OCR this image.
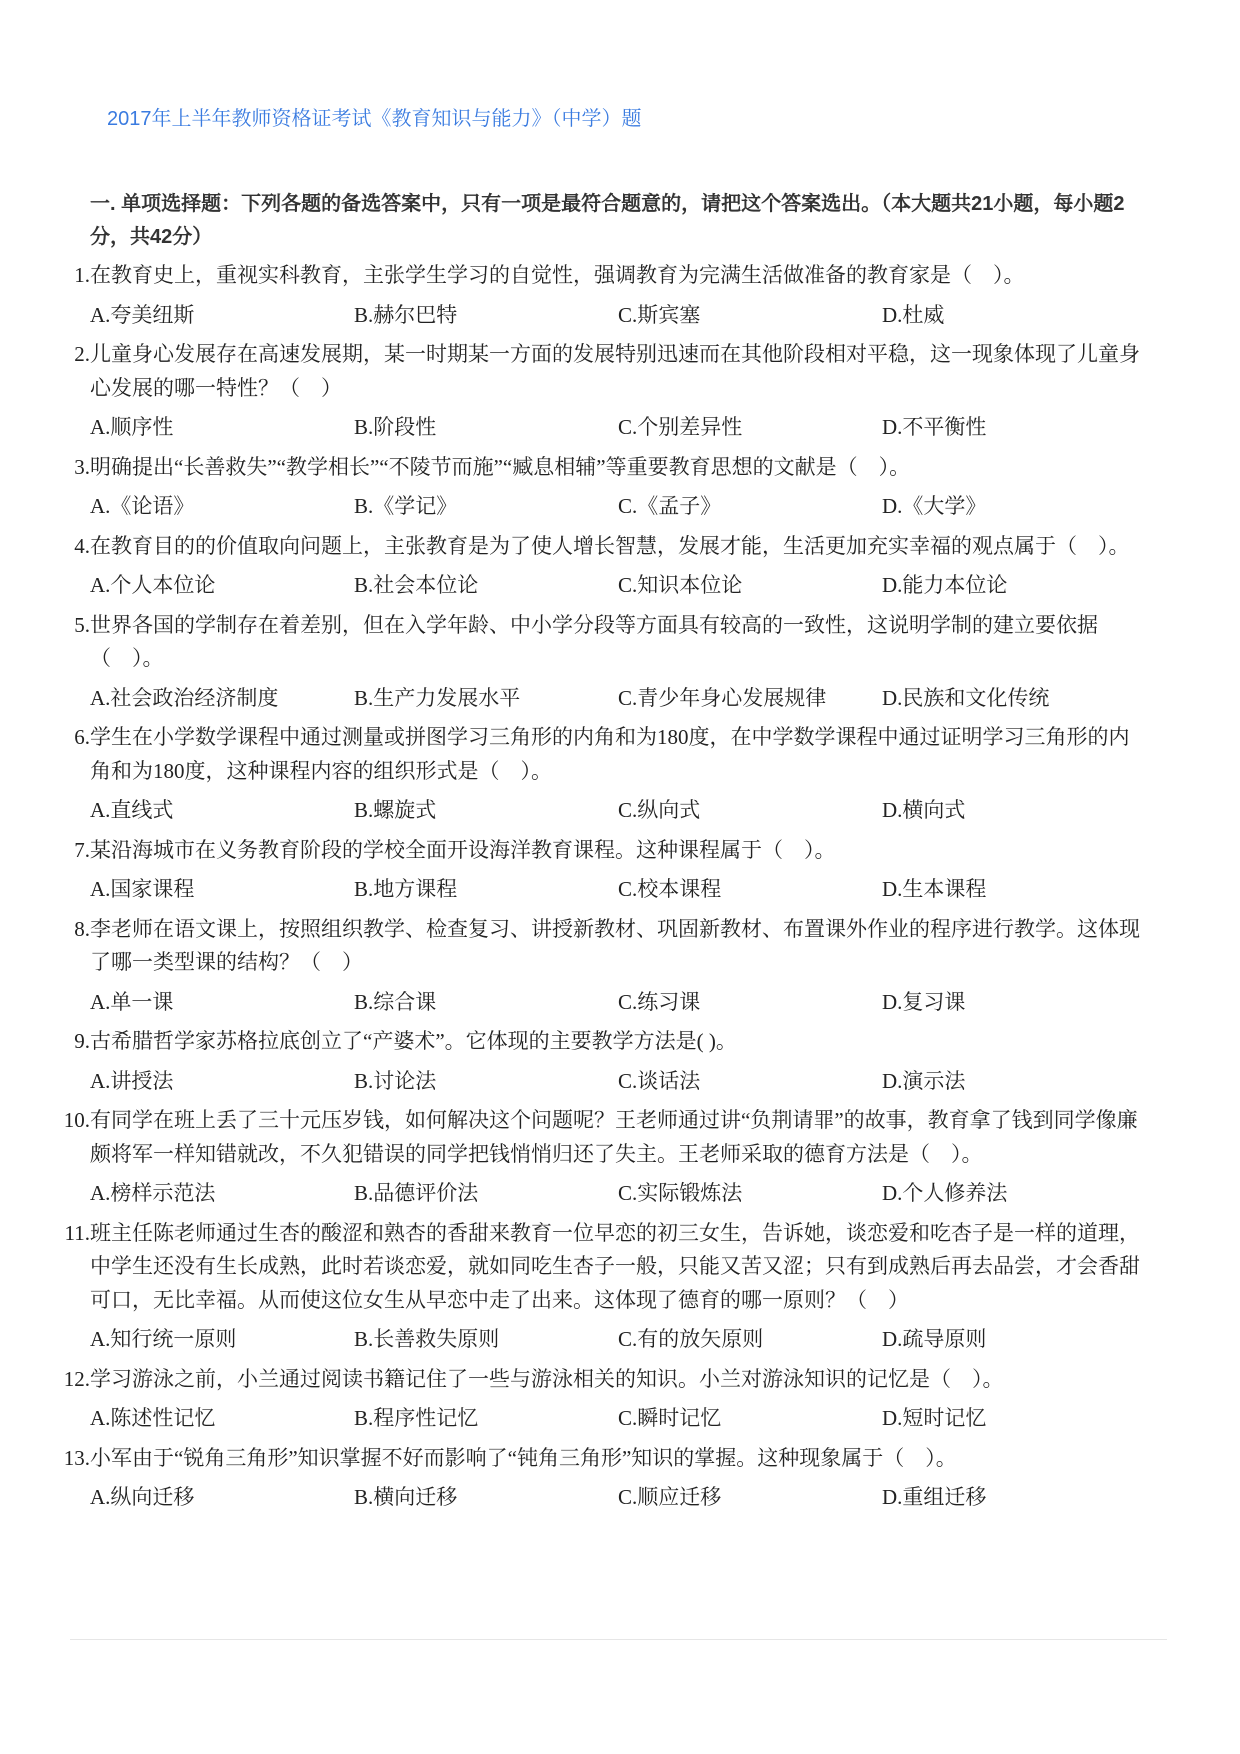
2017年上半年教师资格证考试《教育知识与能力》（中学）题
一. 单项选择题：下列各题的备选答案中，只有一项是最符合题意的，请把这个答案选出。（本大题共21小题，每小题2分，共42分）
1. 在教育史上，重视实科教育，主张学生学习的自觉性，强调教育为完满生活做准备的教育家是（　）。
A.夸美纽斯	B.赫尔巴特	C.斯宾塞	D.杜威
2. 儿童身心发展存在高速发展期，某一时期某一方面的发展特别迅速而在其他阶段相对平稳，这一现象体现了儿童身心发展的哪一特性？（　）
A.顺序性	B.阶段性	C.个别差异性	D.不平衡性
3. 明确提出“长善救失”“教学相长”“不陵节而施”“臧息相辅”等重要教育思想的文献是（　）。
A.《论语》	B.《学记》	C.《孟子》	D.《大学》
4. 在教育目的的价值取向问题上，主张教育是为了使人增长智慧，发展才能，生活更加充实幸福的观点属于（　）。
A.个人本位论	B.社会本位论	C.知识本位论	D.能力本位论
5. 世界各国的学制存在着差别，但在入学年龄、中小学分段等方面具有较高的一致性，这说明学制的建立要依据（　）。
A.社会政治经济制度	B.生产力发展水平	C.青少年身心发展规律	D.民族和文化传统
6. 学生在小学数学课程中通过测量或拼图学习三角形的内角和为180度，在中学数学课程中通过证明学习三角形的内角和为180度，这种课程内容的组织形式是（　）。
A.直线式	B.螺旋式	C.纵向式	D.横向式
7. 某沿海城市在义务教育阶段的学校全面开设海洋教育课程。这种课程属于（　）。
A.国家课程	B.地方课程	C.校本课程	D.生本课程
8. 李老师在语文课上，按照组织教学、检查复习、讲授新教材、巩固新教材、布置课外作业的程序进行教学。这体现了哪一类型课的结构？（　）
A.单一课	B.综合课	C.练习课	D.复习课
9. 古希腊哲学家苏格拉底创立了“产婆术”。它体现的主要教学方法是( )。
A.讲授法	B.讨论法	C.谈话法	D.演示法
10. 有同学在班上丢了三十元压岁钱，如何解决这个问题呢？王老师通过讲“负荆请罪”的故事，教育拿了钱到同学像廉颇将军一样知错就改，不久犯错误的同学把钱悄悄归还了失主。王老师采取的德育方法是（　）。
A.榜样示范法	B.品德评价法	C.实际锻炼法	D.个人修养法
11. 班主任陈老师通过生杏的酸涩和熟杏的香甜来教育一位早恋的初三女生，告诉她，谈恋爱和吃杏子是一样的道理，中学生还没有生长成熟，此时若谈恋爱，就如同吃生杏子一般，只能又苦又涩；只有到成熟后再去品尝，才会香甜可口，无比幸福。从而使这位女生从早恋中走了出来。这体现了德育的哪一原则？（　）
A.知行统一原则	B.长善救失原则	C.有的放矢原则	D.疏导原则
12. 学习游泳之前，小兰通过阅读书籍记住了一些与游泳相关的知识。小兰对游泳知识的记忆是（　）。
A.陈述性记忆	B.程序性记忆	C.瞬时记忆	D.短时记忆
13. 小军由于“锐角三角形”知识掌握不好而影响了“钝角三角形”知识的掌握。这种现象属于（　）。
A.纵向迁移	B.横向迁移	C.顺应迁移	D.重组迁移
